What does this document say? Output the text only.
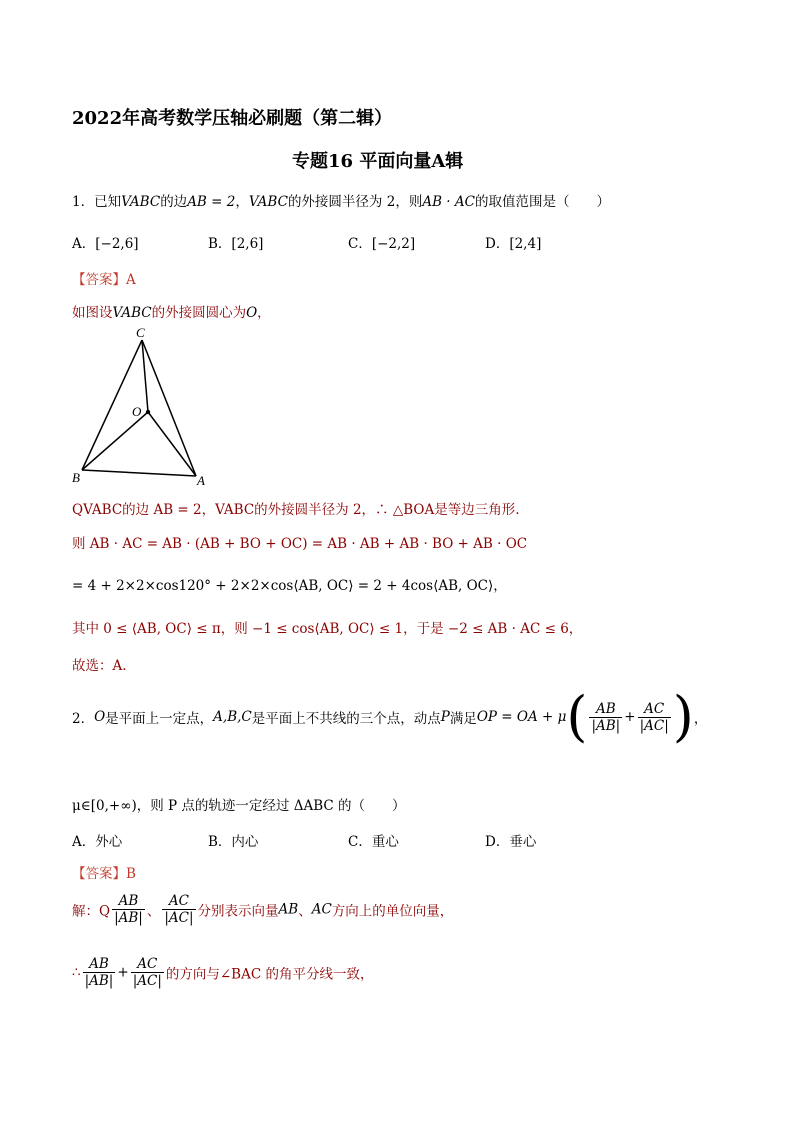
2022年高考数学压轴必刷题（第二辑）
专题16 平面向量A辑
1．已知VABC的边AB = 2，VABC的外接圆半径为 2，则AB · AC的取值范围是（　　）
A．[−2,6]	B．[2,6]	C．[−2,2]	D．[2,4]
【答案】A
如图设VABC的外接圆圆心为O，
C
O
B	A
QVABC的边 AB = 2，VABC的外接圆半径为 2，∴ △BOA是等边三角形.
则 AB · AC = AB · (AB + BO + OC) = AB · AB + AB · BO + AB · OC
= 4 + 2×2×cos120° + 2×2×cos⟨AB, OC⟩ = 2 + 4cos⟨AB, OC⟩，
其中 0 ≤ ⟨AB, OC⟩ ≤ π，则 −1 ≤ cos⟨AB, OC⟩ ≤ 1，于是 −2 ≤ AB · AC ≤ 6，
故选：A.
2．O是平面上一定点，A,B,C是平面上不共线的三个点，动点P满足OP = OA + $\mu( \frac{AB}{|AB|} + \frac{AC}{|AC|}$ )，
μ∈[0,+∞)，则 P 点的轨迹一定经过 ΔABC 的（　　）
A．外心	B．内心	C．重心	D．垂心
【答案】B
解：Q $\frac{AB}{|AB|}$ 、 $\frac{AC}{|AC|}$ 分别表示向量AB、AC方向上的单位向量，
∴ $\frac{AB}{|AB|} + \frac{AC}{|AC|}$ 的方向与∠BAC 的角平分线一致，
